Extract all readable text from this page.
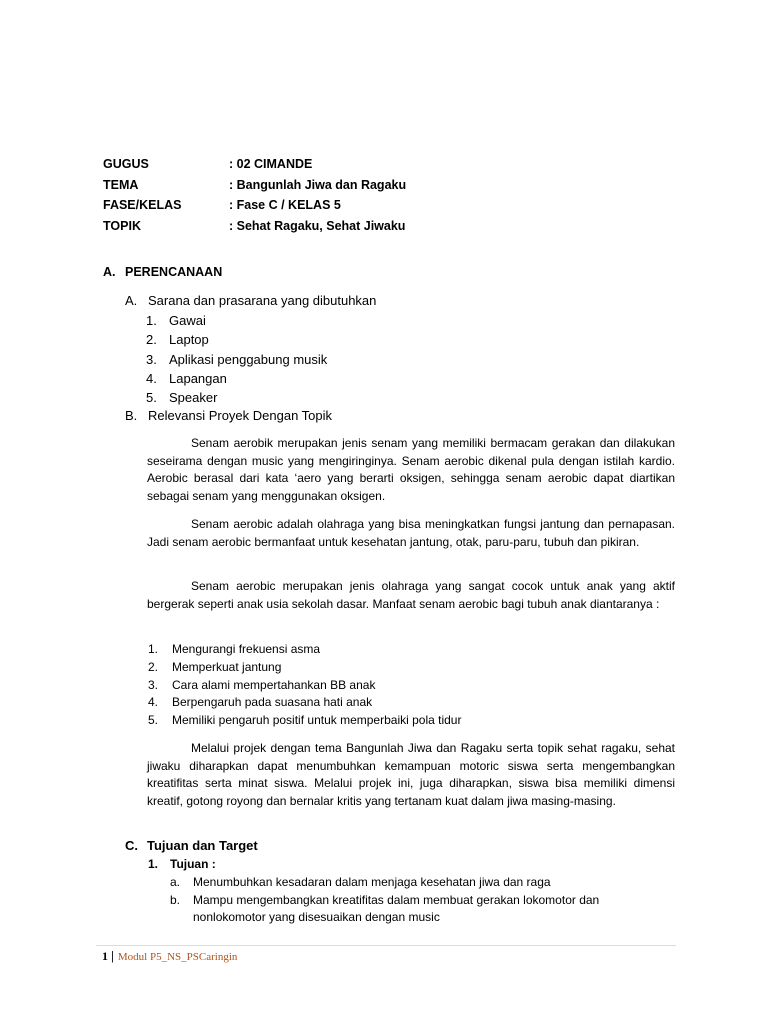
GUGUS	: 02 CIMANDE
TEMA	: Bangunlah Jiwa dan Ragaku
FASE/KELAS	: Fase C / KELAS 5
TOPIK	: Sehat Ragaku, Sehat Jiwaku
A. PERENCANAAN
A. Sarana dan prasarana yang dibutuhkan
1. Gawai
2. Laptop
3. Aplikasi penggabung musik
4. Lapangan
5. Speaker
B. Relevansi Proyek Dengan Topik

Senam aerobik merupakan jenis senam yang memiliki bermacam gerakan dan dilakukan seseirama dengan music yang mengiringinya. Senam aerobic dikenal pula dengan istilah kardio. Aerobic berasal dari kata ‘aero yang berarti oksigen, sehingga senam aerobic dapat diartikan sebagai senam yang menggunakan oksigen.

Senam aerobic adalah olahraga yang bisa meningkatkan fungsi jantung dan pernapasan. Jadi senam aerobic bermanfaat untuk kesehatan jantung, otak, paru-paru, tubuh dan pikiran.

Senam aerobic merupakan jenis olahraga yang sangat cocok untuk anak yang aktif bergerak seperti anak usia sekolah dasar. Manfaat senam aerobic bagi tubuh anak diantaranya :

1. Mengurangi frekuensi asma
2. Memperkuat jantung
3. Cara alami mempertahankan BB anak
4. Berpengaruh pada suasana hati anak
5. Memiliki pengaruh positif untuk memperbaiki pola tidur

Melalui projek dengan tema Bangunlah Jiwa dan Ragaku serta topik sehat ragaku, sehat jiwaku diharapkan dapat menumbuhkan kemampuan motoric siswa serta mengembangkan kreatifitas serta minat siswa. Melalui projek ini, juga diharapkan, siswa bisa memiliki dimensi kreatif, gotong royong dan bernalar kritis yang tertanam kuat dalam jiwa masing-masing.

C. Tujuan dan Target
1. Tujuan :
a. Menumbuhkan kesadaran dalam menjaga kesehatan jiwa dan raga
b. Mampu mengembangkan kreatifitas dalam membuat gerakan lokomotor dan nonlokomotor yang disesuaikan dengan music
1 | Modul P5_NS_PSCaringin
